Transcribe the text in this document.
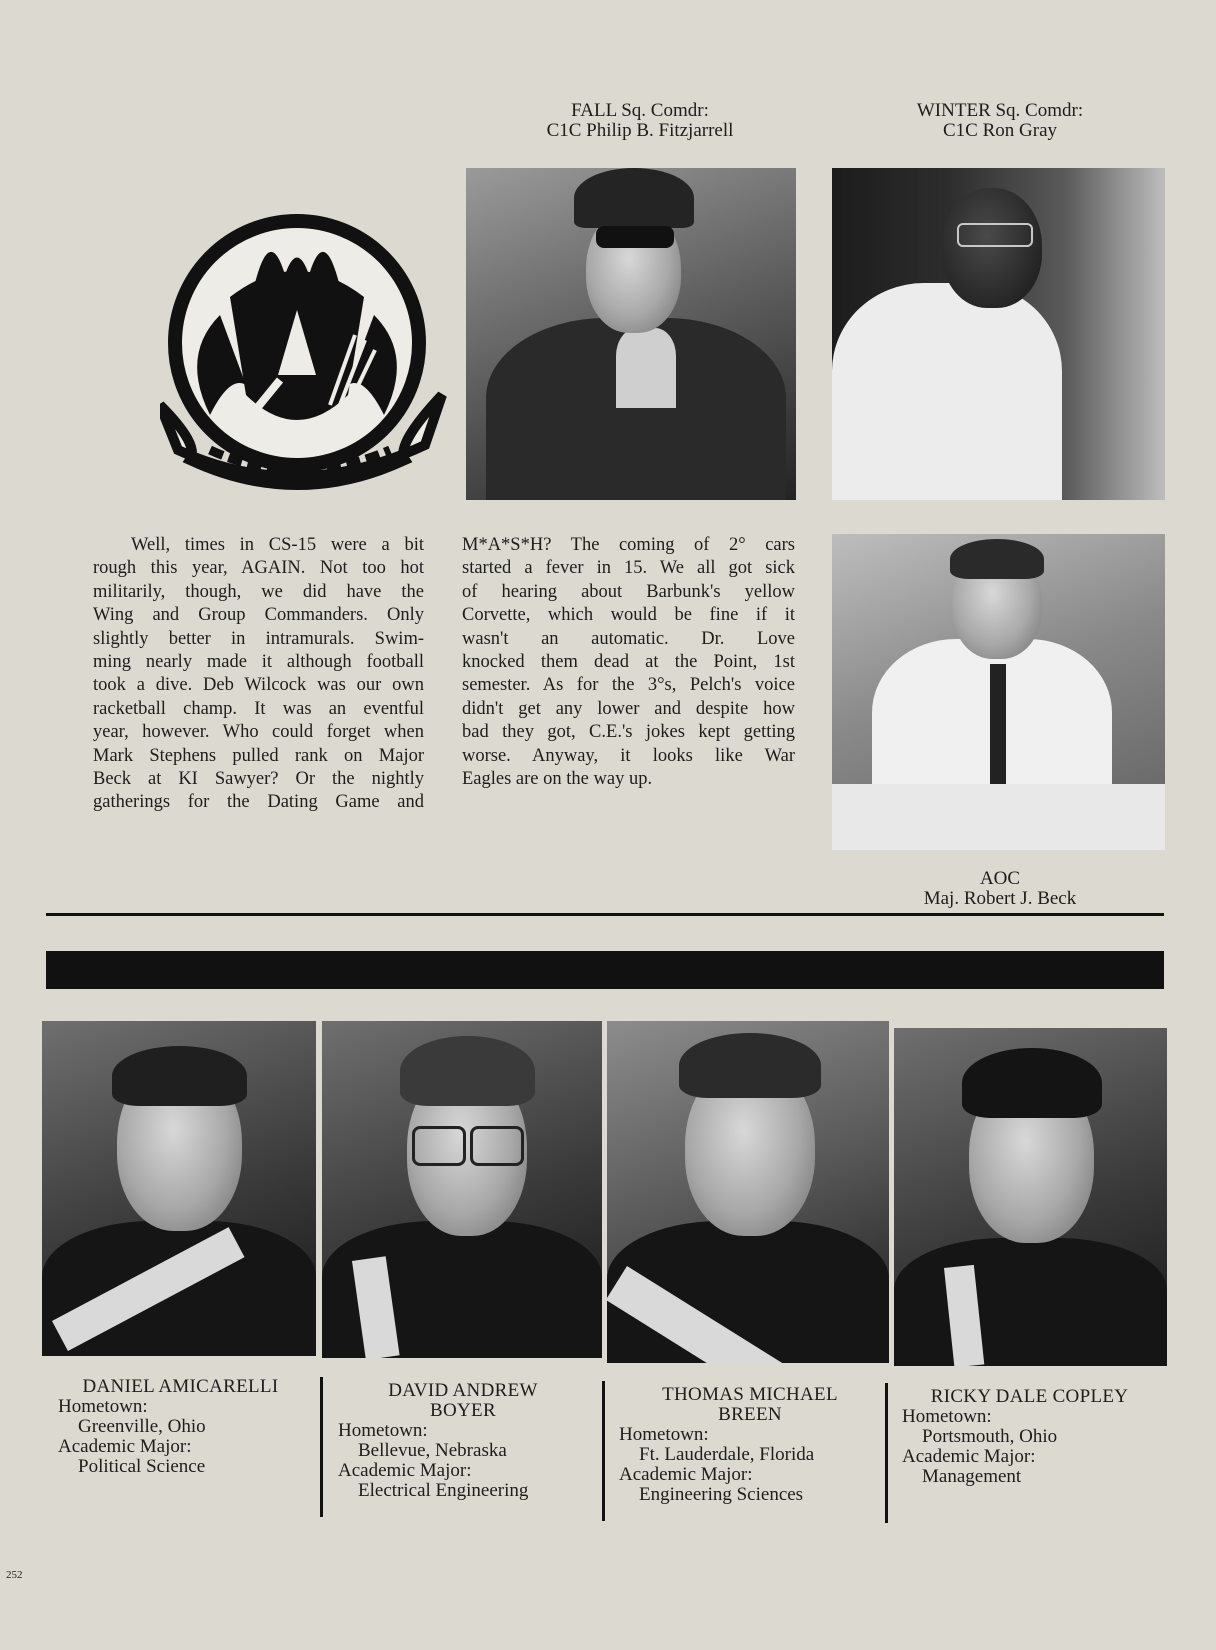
FALL Sq. Comdr:
C1C Philip B. Fitzjarrell
WINTER Sq. Comdr:
C1C Ron Gray
Well, times in CS-15 were a bit
rough this year, AGAIN. Not too hot
militarily, though, we did have the
Wing and Group Commanders. Only
slightly better in intramurals. Swim-
ming nearly made it although football
took a dive. Deb Wilcock was our own
racketball champ. It was an eventful
year, however. Who could forget when
Mark Stephens pulled rank on Major
Beck at KI Sawyer? Or the nightly
gatherings for the Dating Game and
M*A*S*H? The coming of 2° cars
started a fever in 15. We all got sick
of hearing about Barbunk's yellow
Corvette, which would be fine if it
wasn't an automatic. Dr. Love
knocked them dead at the Point, 1st
semester. As for the 3°s, Pelch's voice
didn't get any lower and despite how
bad they got, C.E.'s jokes kept getting
worse. Anyway, it looks like War
Eagles are on the way up.
AOC
Maj. Robert J. Beck
DANIEL AMICARELLI
Hometown:
Greenville, Ohio
Academic Major:
Political Science
DAVID ANDREW
BOYER
Hometown:
Bellevue, Nebraska
Academic Major:
Electrical Engineering
THOMAS MICHAEL
BREEN
Hometown:
Ft. Lauderdale, Florida
Academic Major:
Engineering Sciences
RICKY DALE COPLEY
Hometown:
Portsmouth, Ohio
Academic Major:
Management
252
